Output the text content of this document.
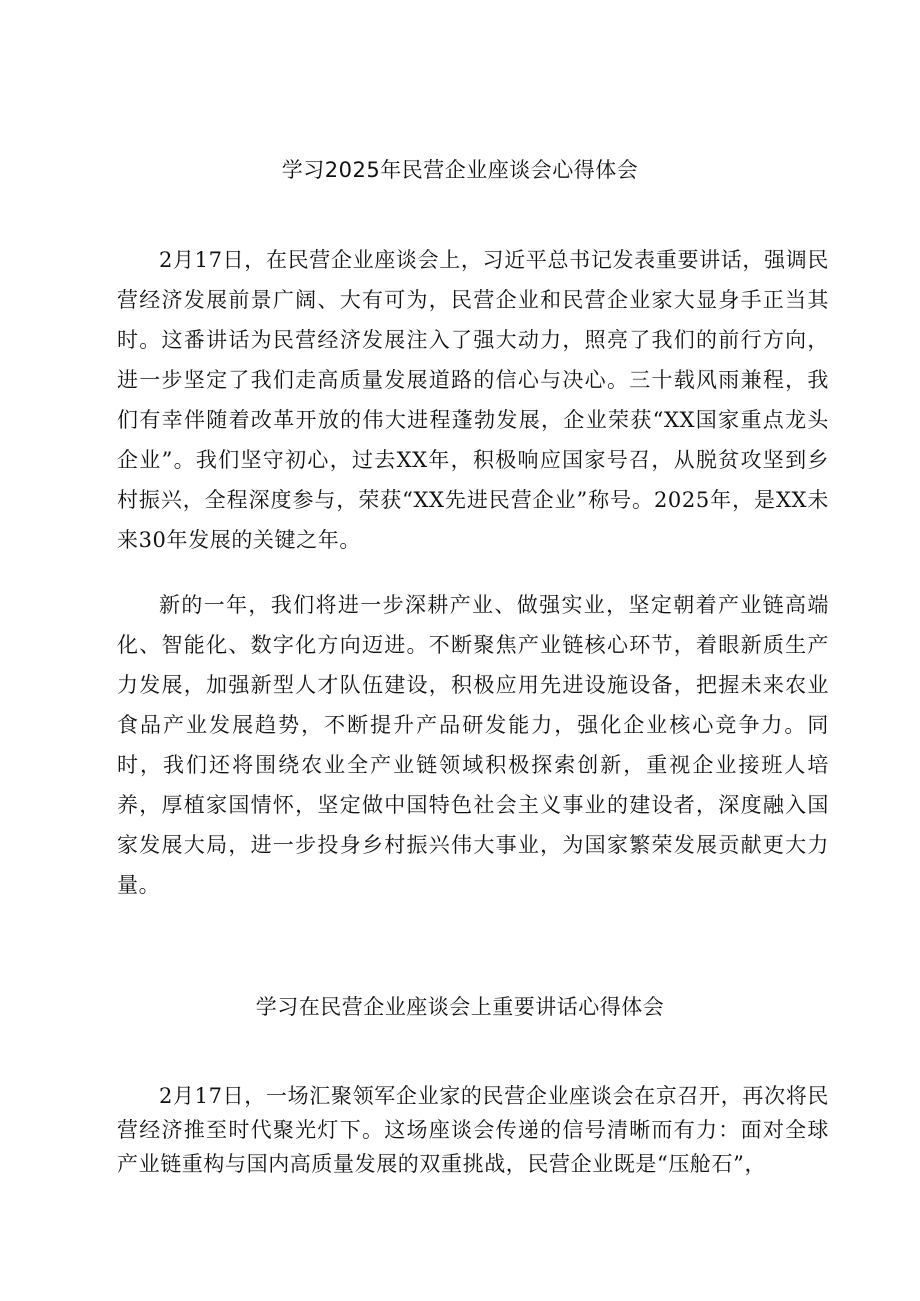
学习2025年民营企业座谈会心得体会

2月17日，在民营企业座谈会上，习近平总书记发表重要讲话，强调民营经济发展前景广阔、大有可为，民营企业和民营企业家大显身手正当其时。这番讲话为民营经济发展注入了强大动力，照亮了我们的前行方向，进一步坚定了我们走高质量发展道路的信心与决心。三十载风雨兼程，我们有幸伴随着改革开放的伟大进程蓬勃发展，企业荣获“XX国家重点龙头企业”。我们坚守初心，过去XX年，积极响应国家号召，从脱贫攻坚到乡村振兴，全程深度参与，荣获“XX先进民营企业”称号。2025年，是XX未来30年发展的关键之年。

新的一年，我们将进一步深耕产业、做强实业，坚定朝着产业链高端化、智能化、数字化方向迈进。不断聚焦产业链核心环节，着眼新质生产力发展，加强新型人才队伍建设，积极应用先进设施设备，把握未来农业食品产业发展趋势，不断提升产品研发能力，强化企业核心竞争力。同时，我们还将围绕农业全产业链领域积极探索创新，重视企业接班人培养，厚植家国情怀，坚定做中国特色社会主义事业的建设者，深度融入国家发展大局，进一步投身乡村振兴伟大事业，为国家繁荣发展贡献更大力量。

学习在民营企业座谈会上重要讲话心得体会

2月17日，一场汇聚领军企业家的民营企业座谈会在京召开，再次将民营经济推至时代聚光灯下。这场座谈会传递的信号清晰而有力：面对全球产业链重构与国内高质量发展的双重挑战，民营企业既是“压舱石”，
